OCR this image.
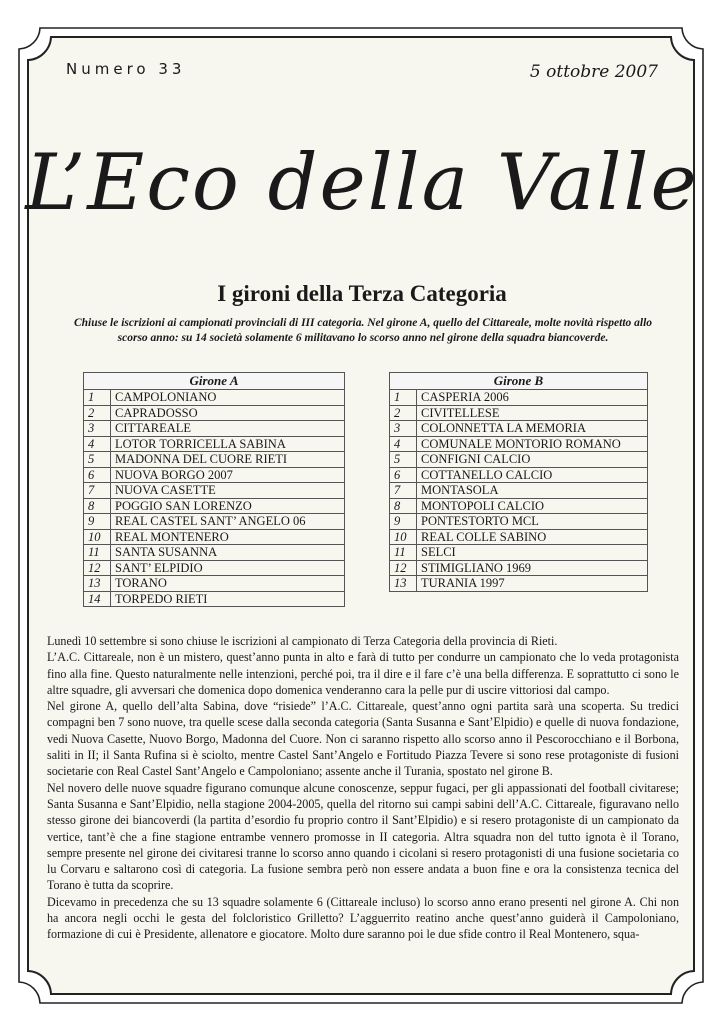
Numero 33	5 ottobre 2007
L’Eco della Valle
I gironi della Terza Categoria
Chiuse le iscrizioni ai campionati provinciali di III categoria. Nel girone A, quello del Cittareale, molte novità rispetto allo scorso anno: su 14 società solamente 6 militavano lo scorso anno nel girone della squadra biancoverde.
Girone A	
1	CAMPOLONIANO
2	CAPRADOSSO
3	CITTAREALE
4	LOTOR TORRICELLA SABINA
5	MADONNA DEL CUORE RIETI
6	NUOVA BORGO 2007
7	NUOVA CASETTE
8	POGGIO SAN LORENZO
9	REAL CASTEL SANT’ ANGELO 06
10	REAL MONTENERO
11	SANTA SUSANNA
12	SANT’ ELPIDIO
13	TORANO
14	TORPEDO RIETI
Girone B	
1	CASPERIA 2006
2	CIVITELLESE
3	COLONNETTA LA MEMORIA
4	COMUNALE MONTORIO ROMANO
5	CONFIGNI CALCIO
6	COTTANELLO CALCIO
7	MONTASOLA
8	MONTOPOLI CALCIO
9	PONTESTORTO MCL
10	REAL COLLE SABINO
11	SELCI
12	STIMIGLIANO 1969
13	TURANIA 1997

Lunedì 10 settembre si sono chiuse le iscrizioni al campionato di Terza Categoria della provincia di Rieti.

L’A.C. Cittareale, non è un mistero, quest’anno punta in alto e farà di tutto per condurre un campionato che lo veda protagonista fino alla fine. Questo naturalmente nelle intenzioni, perché poi, tra il dire e il fare c’è una bella differenza. E soprattutto ci sono le altre squadre, gli avversari che domenica dopo domenica venderanno cara la pelle pur di uscire vittoriosi dal campo.

Nel girone A, quello dell’alta Sabina, dove “risiede” l’A.C. Cittareale, quest’anno ogni partita sarà una scoperta. Su tredici compagni ben 7 sono nuove, tra quelle scese dalla seconda categoria (Santa Susanna e Sant’Elpidio) e quelle di nuova fondazione, vedi Nuova Casette, Nuovo Borgo, Madonna del Cuore. Non ci saranno rispetto allo scorso anno il Pescorocchiano e il Borbona, saliti in II; il Santa Rufina si è sciolto, mentre Castel Sant’Angelo e Fortitudo Piazza Tevere si sono rese protagoniste di fusioni societarie con Real Castel Sant’Angelo e Campoloniano; assente anche il Turania, spostato nel girone B.

Nel novero delle nuove squadre figurano comunque alcune conoscenze, seppur fugaci, per gli appassionati del football civitarese; Santa Susanna e Sant’Elpidio, nella stagione 2004-2005, quella del ritorno sui campi sabini dell’A.C. Cittareale, figuravano nello stesso girone dei biancoverdi (la partita d’esordio fu proprio contro il Sant’Elpidio) e si resero protagoniste di un campionato da vertice, tant’è che a fine stagione entrambe vennero promosse in II categoria. Altra squadra non del tutto ignota è il Torano, sempre presente nel girone dei civitaresi tranne lo scorso anno quando i cicolani si resero protagonisti di una fusione societaria co lu Corvaru e saltarono così di categoria. La fusione sembra però non essere andata a buon fine e ora la consistenza tecnica del Torano è tutta da scoprire.

Dicevamo in precedenza che su 13 squadre solamente 6 (Cittareale incluso) lo scorso anno erano presenti nel girone A. Chi non ha ancora negli occhi le gesta del folcloristico Grilletto? L’agguerrito reatino anche quest’anno guiderà il Campoloniano, formazione di cui è Presidente, allenatore e giocatore. Molto dure saranno poi le due sfide contro il Real Montenero, squa-
